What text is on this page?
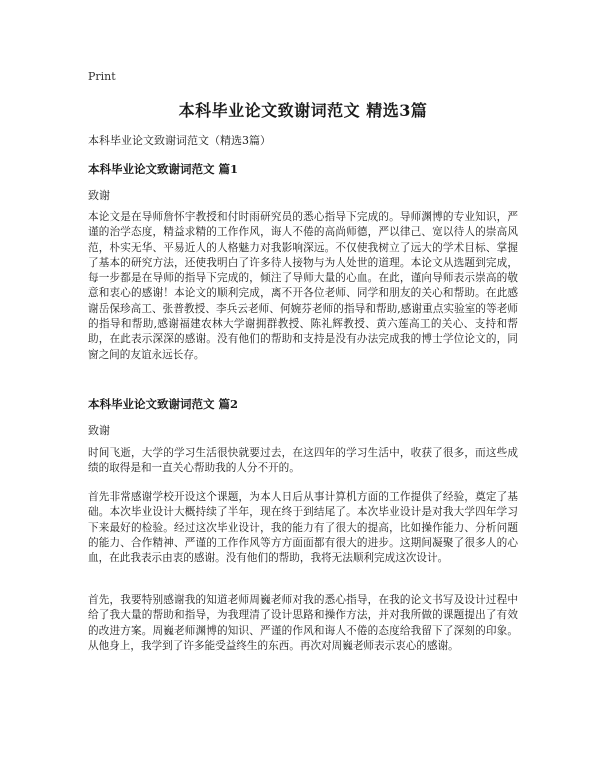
Print
本科毕业论文致谢词范文 精选3篇
本科毕业论文致谢词范文（精选3篇）
本科毕业论文致谢词范文 篇1
致谢

本论文是在导师詹怀宇教授和付时雨研究员的悉心指导下完成的。导师渊博的专业知识，严谨的治学态度，精益求精的工作作风，诲人不倦的高尚师德，严以律己、宽以待人的崇高风范，朴实无华、平易近人的人格魅力对我影响深远。不仅使我树立了远大的学术目标、掌握了基本的研究方法，还使我明白了许多待人接物与为人处世的道理。本论文从选题到完成，每一步都是在导师的指导下完成的，倾注了导师大量的心血。在此，谨向导师表示崇高的敬意和衷心的感谢！本论文的顺利完成，离不开各位老师、同学和朋友的关心和帮助。在此感谢岳保珍高工、张普教授、李兵云老师、何婉芬老师的指导和帮助,感谢重点实验室的等老师的指导和帮助,感谢福建农林大学谢拥群教授、陈礼辉教授、黄六莲高工的关心、支持和帮助，在此表示深深的感谢。没有他们的帮助和支持是没有办法完成我的博士学位论文的，同窗之间的友谊永远长存。

本科毕业论文致谢词范文 篇2
致谢

时间飞逝，大学的学习生活很快就要过去，在这四年的学习生活中，收获了很多，而这些成绩的取得是和一直关心帮助我的人分不开的。

首先非常感谢学校开设这个课题，为本人日后从事计算机方面的工作提供了经验，奠定了基础。本次毕业设计大概持续了半年，现在终于到结尾了。本次毕业设计是对我大学四年学习下来最好的检验。经过这次毕业设计，我的能力有了很大的提高，比如操作能力、分析问题的能力、合作精神、严谨的工作作风等方方面面都有很大的进步。这期间凝聚了很多人的心血，在此我表示由衷的感谢。没有他们的帮助，我将无法顺利完成这次设计。

首先，我要特别感谢我的知道老师周巍老师对我的悉心指导，在我的论文书写及设计过程中给了我大量的帮助和指导，为我理清了设计思路和操作方法，并对我所做的课题提出了有效的改进方案。周巍老师渊博的知识、严谨的作风和诲人不倦的态度给我留下了深刻的印象。从他身上，我学到了许多能受益终生的东西。再次对周巍老师表示衷心的感谢。
